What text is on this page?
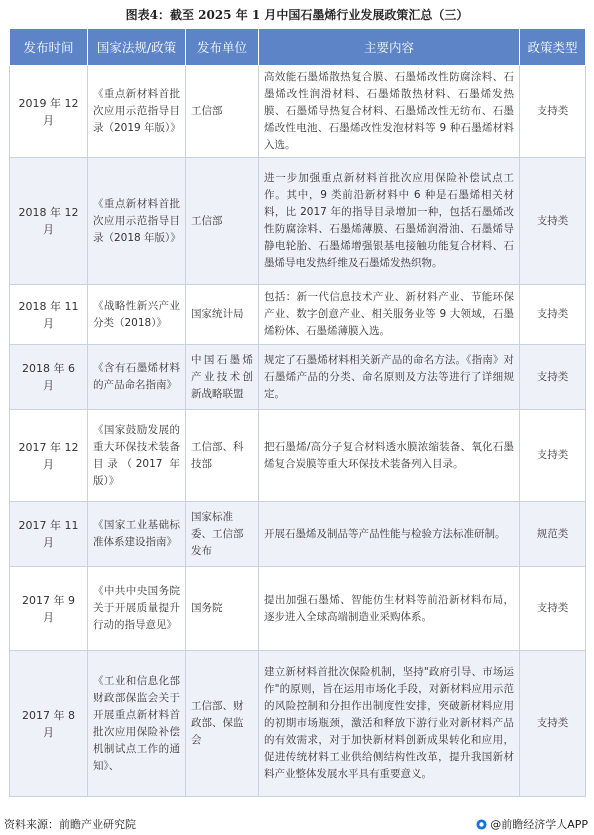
图表4：截至 2025 年 1 月中国石墨烯行业发展政策汇总（三）
发布时间	国家法规/政策	发布单位	主要内容	政策类型
2019 年 12 月	《重点新材料首批次应用示范指导目录（2019 年版）》	工信部	高效能石墨烯散热复合膜、石墨烯改性防腐涂料、石墨烯改性润滑材料、石墨烯散热材料、石墨烯发热膜、石墨烯导热复合材料、石墨烯改性无纺布、石墨烯改性电池、石墨烯改性发泡材料等 9 种石墨烯材料入选。	支持类
2018 年 12 月	《重点新材料首批次应用示范指导目录（2018 年版）》	工信部	进一步加强重点新材料首批次应用保险补偿试点工作。其中，9 类前沿新材料中 6 种是石墨烯相关材料，比 2017 年的指导目录增加一种，包括石墨烯改性防腐涂料、石墨烯薄膜、石墨烯润滑油、石墨烯导静电轮胎、石墨烯增强银基电接触功能复合材料、石墨烯导电发热纤维及石墨烯发热织物。	支持类
2018 年 11 月	《战略性新兴产业分类（2018）》	国家统计局	包括：新一代信息技术产业、新材料产业、节能环保产业、数字创意产业、相关服务业等 9 大领域，石墨烯粉体、石墨烯薄膜入选。	支持类
2018 年 6 月	《含有石墨烯材料的产品命名指南》	中国石墨烯产业技术创新战略联盟	规定了石墨烯材料相关新产品的命名方法。《指南》对石墨烯产品的分类、命名原则及方法等进行了详细规定。	支持类
2017 年 12 月	《国家鼓励发展的重大环保技术装备目录（2017 年版）》	工信部、科技部	把石墨烯/高分子复合材料透水膜浓缩装备、氧化石墨烯复合炭膜等重大环保技术装备列入目录。	支持类
2017 年 11 月	《国家工业基础标准体系建设指南》	国家标准委、工信部发布	开展石墨烯及制品等产品性能与检验方法标准研制。	规范类
2017 年 9 月	《中共中央国务院关于开展质量提升行动的指导意见》	国务院	提出加强石墨烯、智能仿生材料等前沿新材料布局，逐步进入全球高端制造业采购体系。	支持类
2017 年 8 月	《工业和信息化部财政部保监会关于开展重点新材料首批次应用保险补偿机制试点工作的通知》、	工信部、财政部、保监会	建立新材料首批次保险机制，坚持"政府引导、市场运作"的原则，旨在运用市场化手段，对新材料应用示范的风险控制和分担作出制度性安排，突破新材料应用的初期市场瓶颈，激活和释放下游行业对新材料产品的有效需求，对于加快新材料创新成果转化和应用，促进传统材料工业供给侧结构性改革，提升我国新材料产业整体发展水平具有重要意义。	支持类
资料来源：前瞻产业研究院	@前瞻经济学人APP
